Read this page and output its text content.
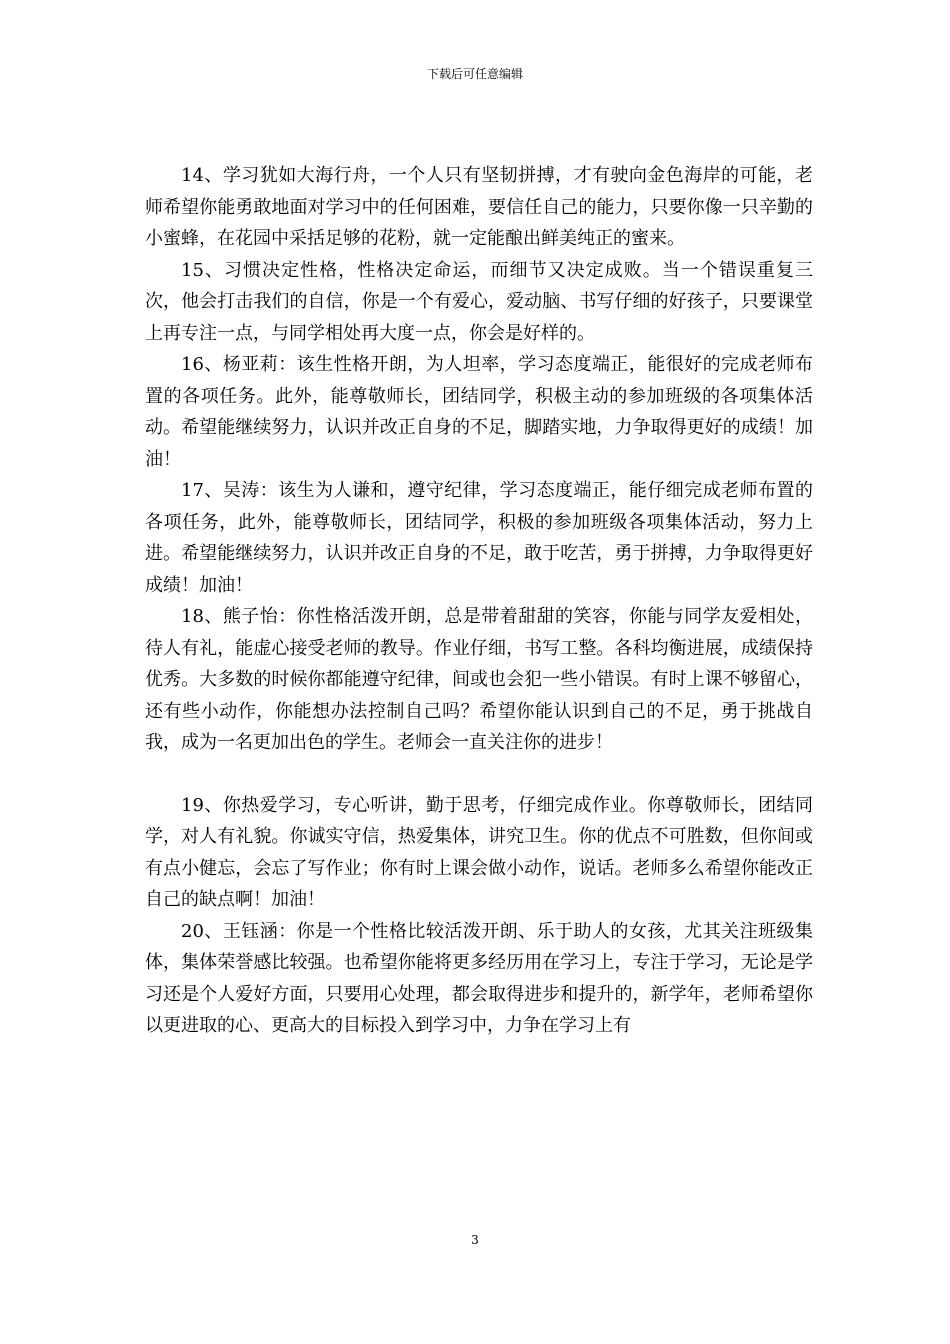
下载后可任意编辑

14、学习犹如大海行舟，一个人只有坚韧拼搏，才有驶向金色海岸的可能，老师希望你能勇敢地面对学习中的任何困难，要信任自己的能力，只要你像一只辛勤的小蜜蜂，在花园中采括足够的花粉，就一定能酿出鲜美纯正的蜜来。

15、习惯决定性格，性格决定命运，而细节又决定成败。当一个错误重复三次，他会打击我们的自信，你是一个有爱心，爱动脑、书写仔细的好孩子，只要课堂上再专注一点，与同学相处再大度一点，你会是好样的。

16、杨亚莉：该生性格开朗，为人坦率，学习态度端正，能很好的完成老师布置的各项任务。此外，能尊敬师长，团结同学，积极主动的参加班级的各项集体活动。希望能继续努力，认识并改正自身的不足，脚踏实地，力争取得更好的成绩！加油！

17、吴涛：该生为人谦和，遵守纪律，学习态度端正，能仔细完成老师布置的各项任务，此外，能尊敬师长，团结同学，积极的参加班级各项集体活动，努力上进。希望能继续努力，认识并改正自身的不足，敢于吃苦，勇于拼搏，力争取得更好成绩！加油！

18、熊子怡：你性格活泼开朗，总是带着甜甜的笑容，你能与同学友爱相处，待人有礼，能虚心接受老师的教导。作业仔细，书写工整。各科均衡进展，成绩保持优秀。大多数的时候你都能遵守纪律，间或也会犯一些小错误。有时上课不够留心，还有些小动作，你能想办法控制自己吗？希望你能认识到自己的不足，勇于挑战自我，成为一名更加出色的学生。老师会一直关注你的进步！

19、你热爱学习，专心听讲，勤于思考，仔细完成作业。你尊敬师长，团结同学，对人有礼貌。你诚实守信，热爱集体，讲究卫生。你的优点不可胜数，但你间或有点小健忘，会忘了写作业；你有时上课会做小动作，说话。老师多么希望你能改正自己的缺点啊！加油！

20、王钰涵：你是一个性格比较活泼开朗、乐于助人的女孩，尤其关注班级集体，集体荣誉感比较强。也希望你能将更多经历用在学习上，专注于学习，无论是学习还是个人爱好方面，只要用心处理，都会取得进步和提升的，新学年，老师希望你以更进取的心、更高大的目标投入到学习中，力争在学习上有

3
